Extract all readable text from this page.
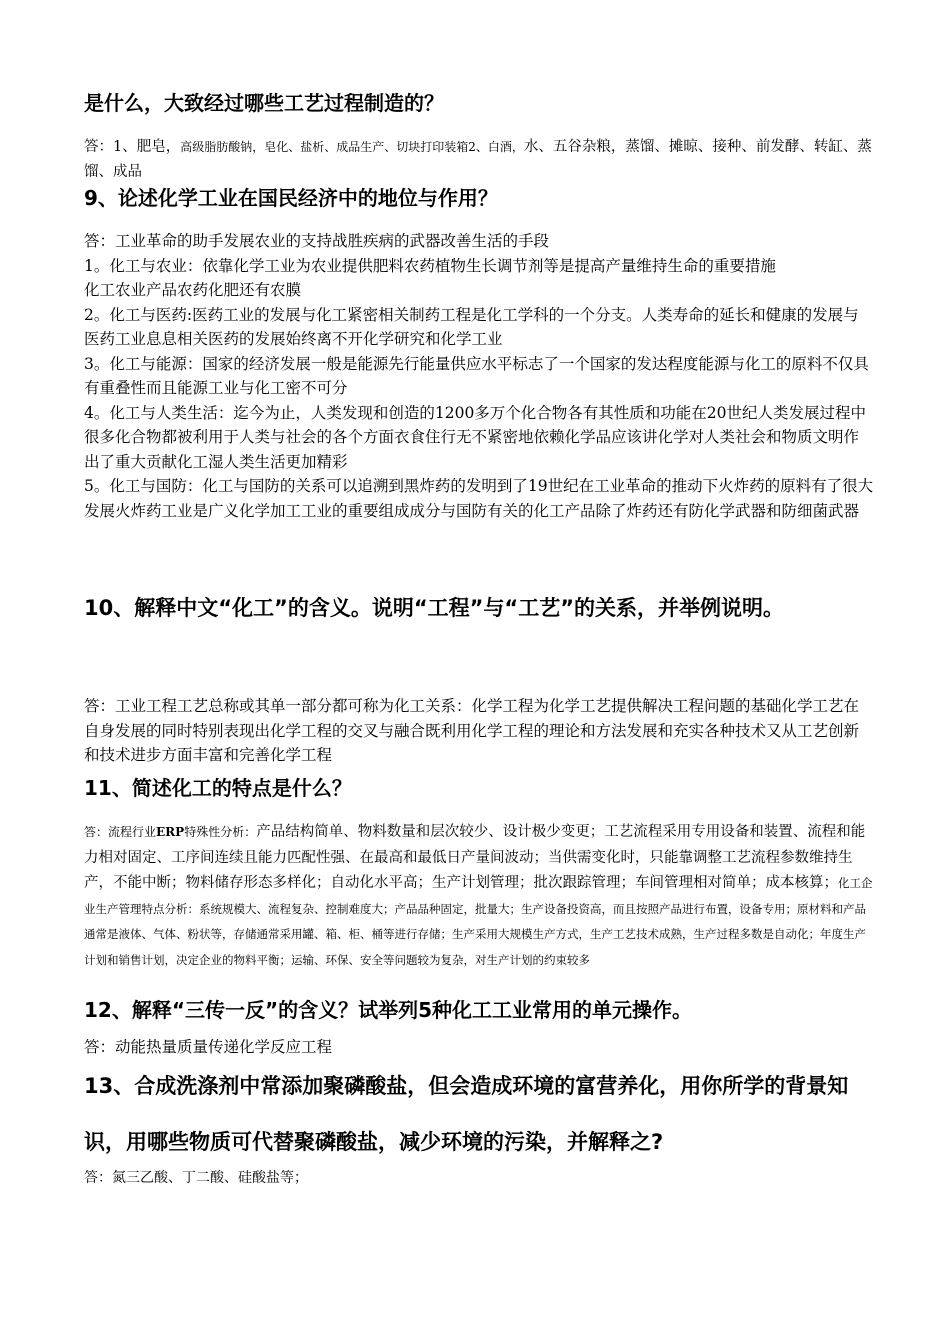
是什么，大致经过哪些工艺过程制造的？

答：1、肥皂，高级脂肪酸钠，皂化、盐析、成品生产、切块打印装箱2、白酒，水、五谷杂粮，蒸馏、摊晾、接种、前发酵、转缸、蒸馏、成品

9、论述化学工业在国民经济中的地位与作用？

答：工业革命的助手发展农业的支持战胜疾病的武器改善生活的手段

1。化工与农业：依靠化学工业为农业提供肥料农药植物生长调节剂等是提高产量维持生命的重要措施

化工农业产品农药化肥还有农膜

2。化工与医药:医药工业的发展与化工紧密相关制药工程是化工学科的一个分支。人类寿命的延长和健康的发展与医药工业息息相关医药的发展始终离不开化学研究和化学工业

3。化工与能源：国家的经济发展一般是能源先行能量供应水平标志了一个国家的发达程度能源与化工的原料不仅具有重叠性而且能源工业与化工密不可分

4。化工与人类生活：迄今为止，人类发现和创造的1200多万个化合物各有其性质和功能在20世纪人类发展过程中很多化合物都被利用于人类与社会的各个方面衣食住行无不紧密地依赖化学品应该讲化学对人类社会和物质文明作出了重大贡献化工湿人类生活更加精彩

5。化工与国防：化工与国防的关系可以追溯到黑炸药的发明到了19世纪在工业革命的推动下火炸药的原料有了很大发展火炸药工业是广义化学加工工业的重要组成成分与国防有关的化工产品除了炸药还有防化学武器和防细菌武器

10、解释中文“化工”的含义。说明“工程”与“工艺”的关系，并举例说明。

答：工业工程工艺总称或其单一部分都可称为化工关系：化学工程为化学工艺提供解决工程问题的基础化学工艺在自身发展的同时特别表现出化学工程的交叉与融合既利用化学工程的理论和方法发展和充实各种技术又从工艺创新和技术进步方面丰富和完善化学工程

11、简述化工的特点是什么？

答：流程行业ERP特殊性分析：产品结构简单、物料数量和层次较少、设计极少变更；工艺流程采用专用设备和装置、流程和能力相对固定、工序间连续且能力匹配性强、在最高和最低日产量间波动；当供需变化时，只能靠调整工艺流程参数维持生产，不能中断；物料储存形态多样化；自动化水平高；生产计划管理；批次跟踪管理；车间管理相对简单；成本核算；化工企业生产管理特点分析：系统规模大、流程复杂、控制难度大；产品品种固定，批量大；生产设备投资高，而且按照产品进行布置，设备专用；原材料和产品通常是液体、气体、粉状等，存储通常采用罐、箱、柜、桶等进行存储；生产采用大规模生产方式，生产工艺技术成熟，生产过程多数是自动化；年度生产计划和销售计划，决定企业的物料平衡；运输、环保、安全等问题较为复杂，对生产计划的约束较多

12、解释“三传一反”的含义？试举列5种化工工业常用的单元操作。

答：动能热量质量传递化学反应工程

13、合成洗涤剂中常添加聚磷酸盐，但会造成环境的富营养化，用你所学的背景知识，用哪些物质可代替聚磷酸盐，减少环境的污染，并解释之?

答：氮三乙酸、丁二酸、硅酸盐等；
